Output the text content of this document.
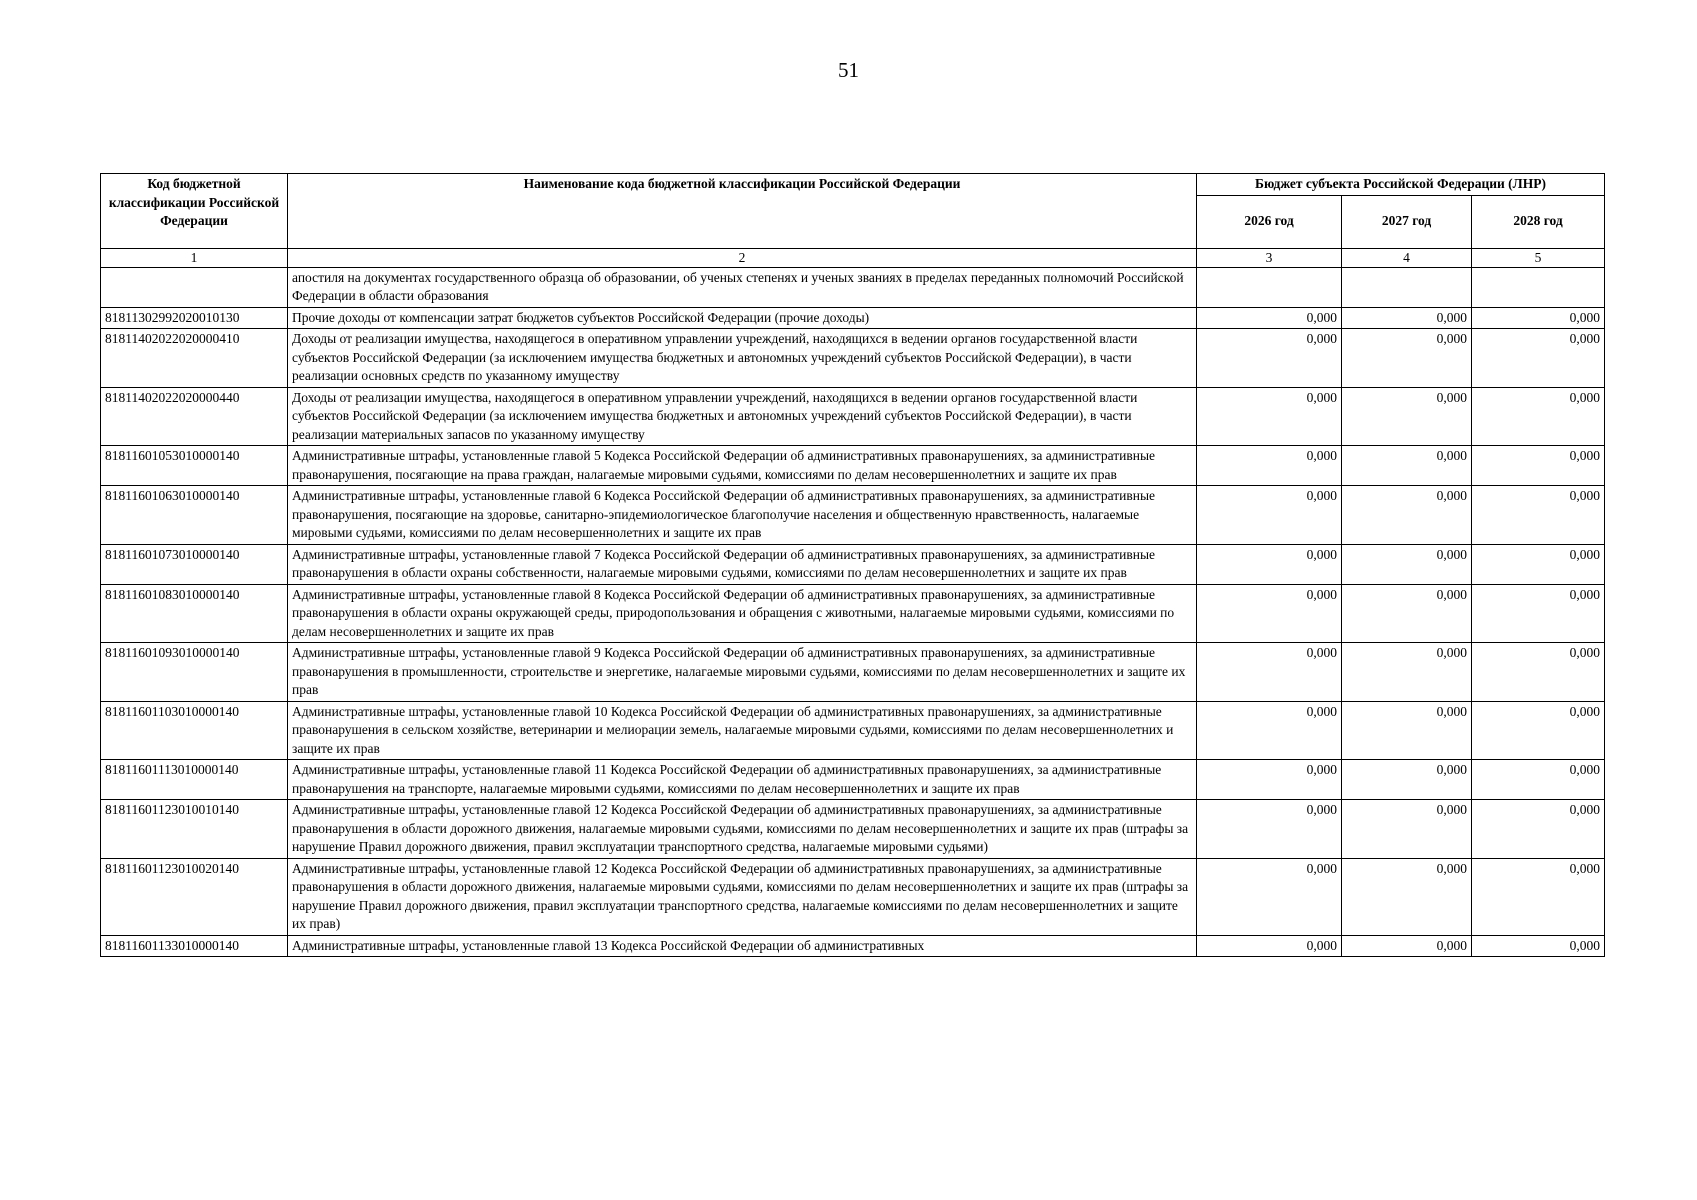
51
Код бюджетной классификации Российской Федерации	Наименование кода бюджетной классификации Российской Федерации	Бюджет субъекта Российской Федерации (ЛНР)		
		2026 год	2027 год	2028 год
1	2	3	4	5
	апостиля на документах государственного образца об образовании, об ученых степенях и ученых званиях в пределах переданных полномочий Российской Федерации в области образования			
81811302992020010130	Прочие доходы от компенсации затрат бюджетов субъектов Российской Федерации (прочие доходы)	0,000	0,000	0,000
81811402022020000410	Доходы от реализации имущества, находящегося в оперативном управлении учреждений, находящихся в ведении органов государственной власти субъектов Российской Федерации (за исключением имущества бюджетных и автономных учреждений субъектов Российской Федерации), в части реализации основных средств по указанному имуществу	0,000	0,000	0,000
81811402022020000440	Доходы от реализации имущества, находящегося в оперативном управлении учреждений, находящихся в ведении органов государственной власти субъектов Российской Федерации (за исключением имущества бюджетных и автономных учреждений субъектов Российской Федерации), в части реализации материальных запасов по указанному имуществу	0,000	0,000	0,000
81811601053010000140	Административные штрафы, установленные главой 5 Кодекса Российской Федерации об административных правонарушениях, за административные правонарушения, посягающие на права граждан, налагаемые мировыми судьями, комиссиями по делам несовершеннолетних и защите их прав	0,000	0,000	0,000
81811601063010000140	Административные штрафы, установленные главой 6 Кодекса Российской Федерации об административных правонарушениях, за административные правонарушения, посягающие на здоровье, санитарно-эпидемиологическое благополучие населения и общественную нравственность, налагаемые мировыми судьями, комиссиями по делам несовершеннолетних и защите их прав	0,000	0,000	0,000
81811601073010000140	Административные штрафы, установленные главой 7 Кодекса Российской Федерации об административных правонарушениях, за административные правонарушения в области охраны собственности, налагаемые мировыми судьями, комиссиями по делам несовершеннолетних и защите их прав	0,000	0,000	0,000
81811601083010000140	Административные штрафы, установленные главой 8 Кодекса Российской Федерации об административных правонарушениях, за административные правонарушения в области охраны окружающей среды, природопользования и обращения с животными, налагаемые мировыми судьями, комиссиями по делам несовершеннолетних и защите их прав	0,000	0,000	0,000
81811601093010000140	Административные штрафы, установленные главой 9 Кодекса Российской Федерации об административных правонарушениях, за административные правонарушения в промышленности, строительстве и энергетике, налагаемые мировыми судьями, комиссиями по делам несовершеннолетних и защите их прав	0,000	0,000	0,000
81811601103010000140	Административные штрафы, установленные главой 10 Кодекса Российской Федерации об административных правонарушениях, за административные правонарушения в сельском хозяйстве, ветеринарии и мелиорации земель, налагаемые мировыми судьями, комиссиями по делам несовершеннолетних и защите их прав	0,000	0,000	0,000
81811601113010000140	Административные штрафы, установленные главой 11 Кодекса Российской Федерации об административных правонарушениях, за административные правонарушения на транспорте, налагаемые мировыми судьями, комиссиями по делам несовершеннолетних и защите их прав	0,000	0,000	0,000
81811601123010010140	Административные штрафы, установленные главой 12 Кодекса Российской Федерации об административных правонарушениях, за административные правонарушения в области дорожного движения, налагаемые мировыми судьями, комиссиями по делам несовершеннолетних и защите их прав (штрафы за нарушение Правил дорожного движения, правил эксплуатации транспортного средства, налагаемые мировыми судьями)	0,000	0,000	0,000
81811601123010020140	Административные штрафы, установленные главой 12 Кодекса Российской Федерации об административных правонарушениях, за административные правонарушения в области дорожного движения, налагаемые мировыми судьями, комиссиями по делам несовершеннолетних и защите их прав (штрафы за нарушение Правил дорожного движения, правил эксплуатации транспортного средства, налагаемые комиссиями по делам несовершеннолетних и защите их прав)	0,000	0,000	0,000
81811601133010000140	Административные штрафы, установленные главой 13 Кодекса Российской Федерации об административных	0,000	0,000	0,000
